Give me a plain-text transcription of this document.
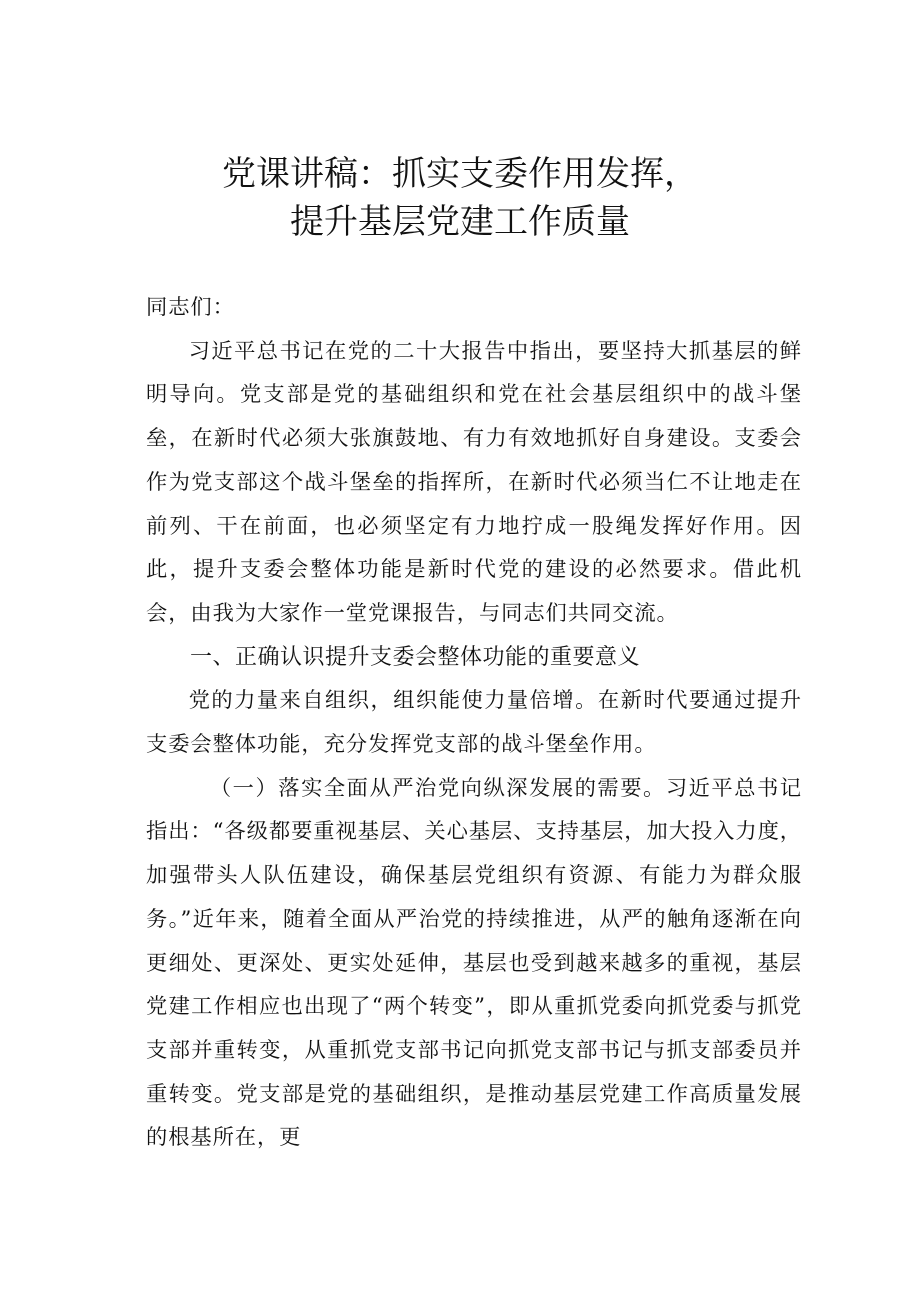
党课讲稿：抓实支委作用发挥，
提升基层党建工作质量

同志们：

习近平总书记在党的二十大报告中指出，要坚持大抓基层的鲜明导向。党支部是党的基础组织和党在社会基层组织中的战斗堡垒，在新时代必须大张旗鼓地、有力有效地抓好自身建设。支委会作为党支部这个战斗堡垒的指挥所，在新时代必须当仁不让地走在前列、干在前面，也必须坚定有力地拧成一股绳发挥好作用。因此，提升支委会整体功能是新时代党的建设的必然要求。借此机会，由我为大家作一堂党课报告，与同志们共同交流。

一、正确认识提升支委会整体功能的重要意义

党的力量来自组织，组织能使力量倍增。在新时代要通过提升支委会整体功能，充分发挥党支部的战斗堡垒作用。

（一）落实全面从严治党向纵深发展的需要。习近平总书记指出：“各级都要重视基层、关心基层、支持基层，加大投入力度，加强带头人队伍建设，确保基层党组织有资源、有能力为群众服务。”近年来，随着全面从严治党的持续推进，从严的触角逐渐在向更细处、更深处、更实处延伸，基层也受到越来越多的重视，基层党建工作相应也出现了“两个转变”，即从重抓党委向抓党委与抓党支部并重转变，从重抓党支部书记向抓党支部书记与抓支部委员并重转变。党支部是党的基础组织，是推动基层党建工作高质量发展的根基所在，更
